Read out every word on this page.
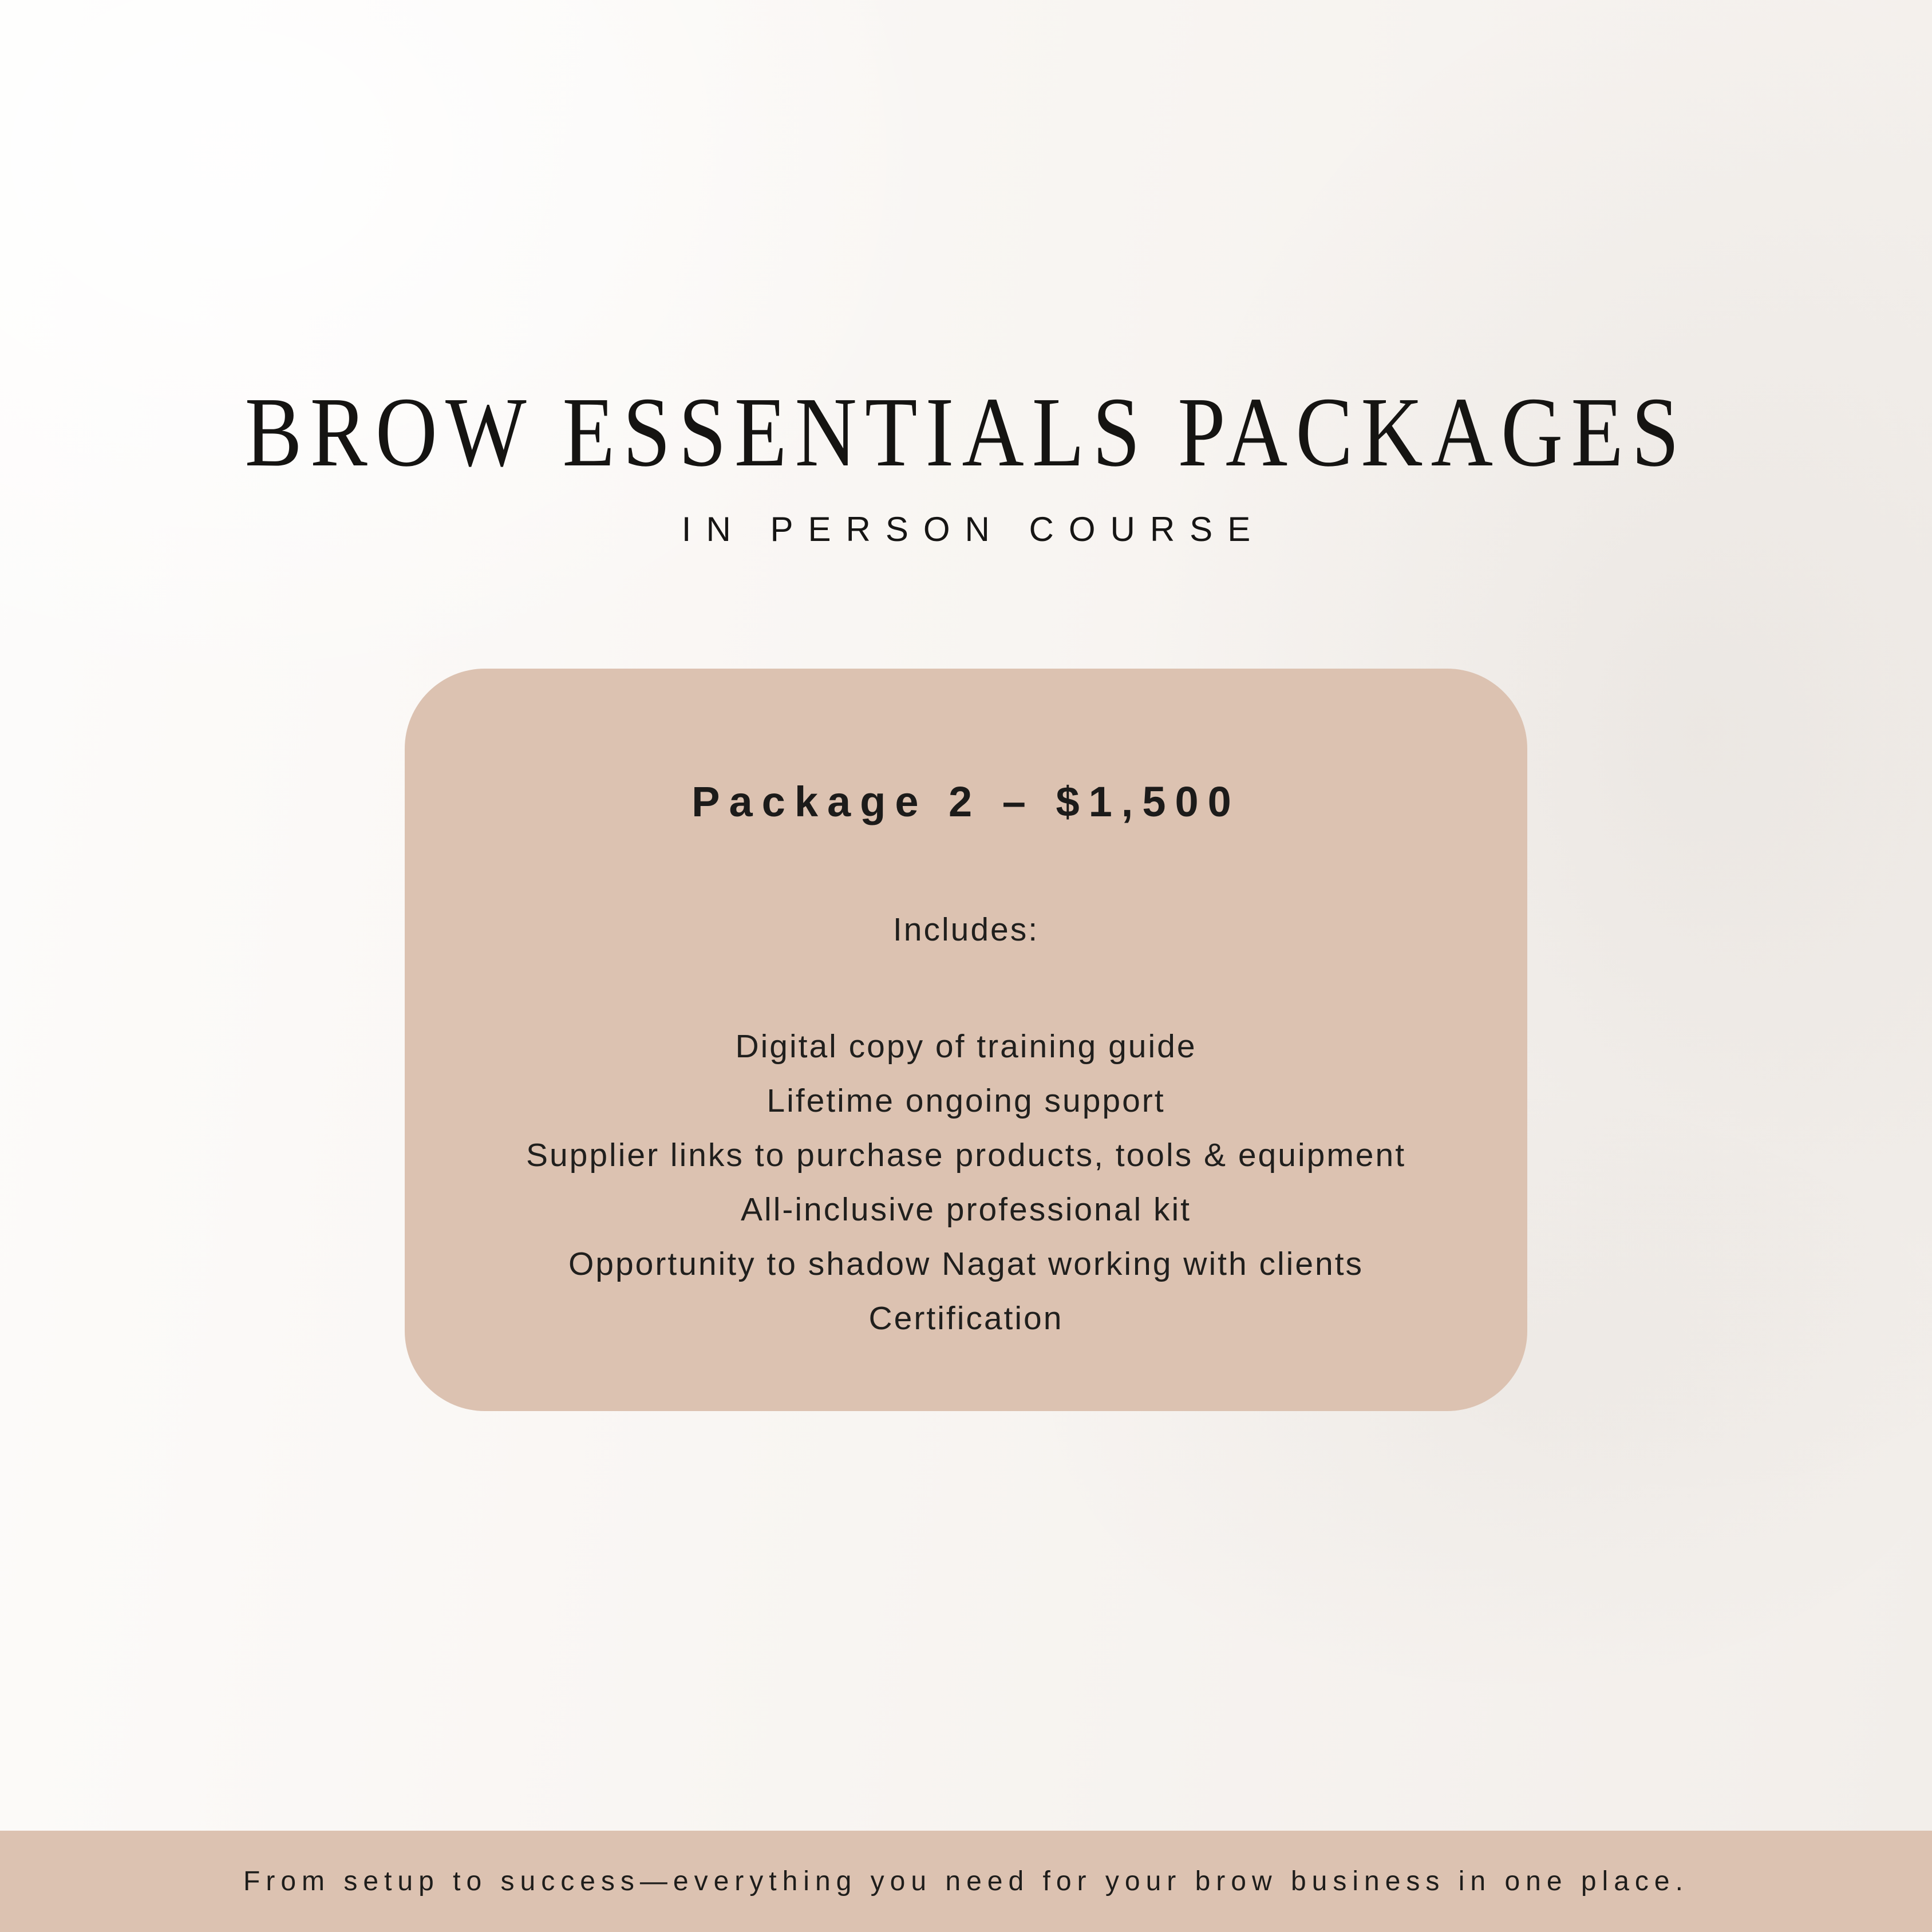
BROW ESSENTIALS PACKAGES
IN PERSON COURSE
Package 2 – $1,500
Includes:
Digital copy of training guide
Lifetime ongoing support
Supplier links to purchase products, tools & equipment
All-inclusive professional kit
Opportunity to shadow Nagat working with clients
Certification
From setup to success—everything you need for your brow business in one place.
